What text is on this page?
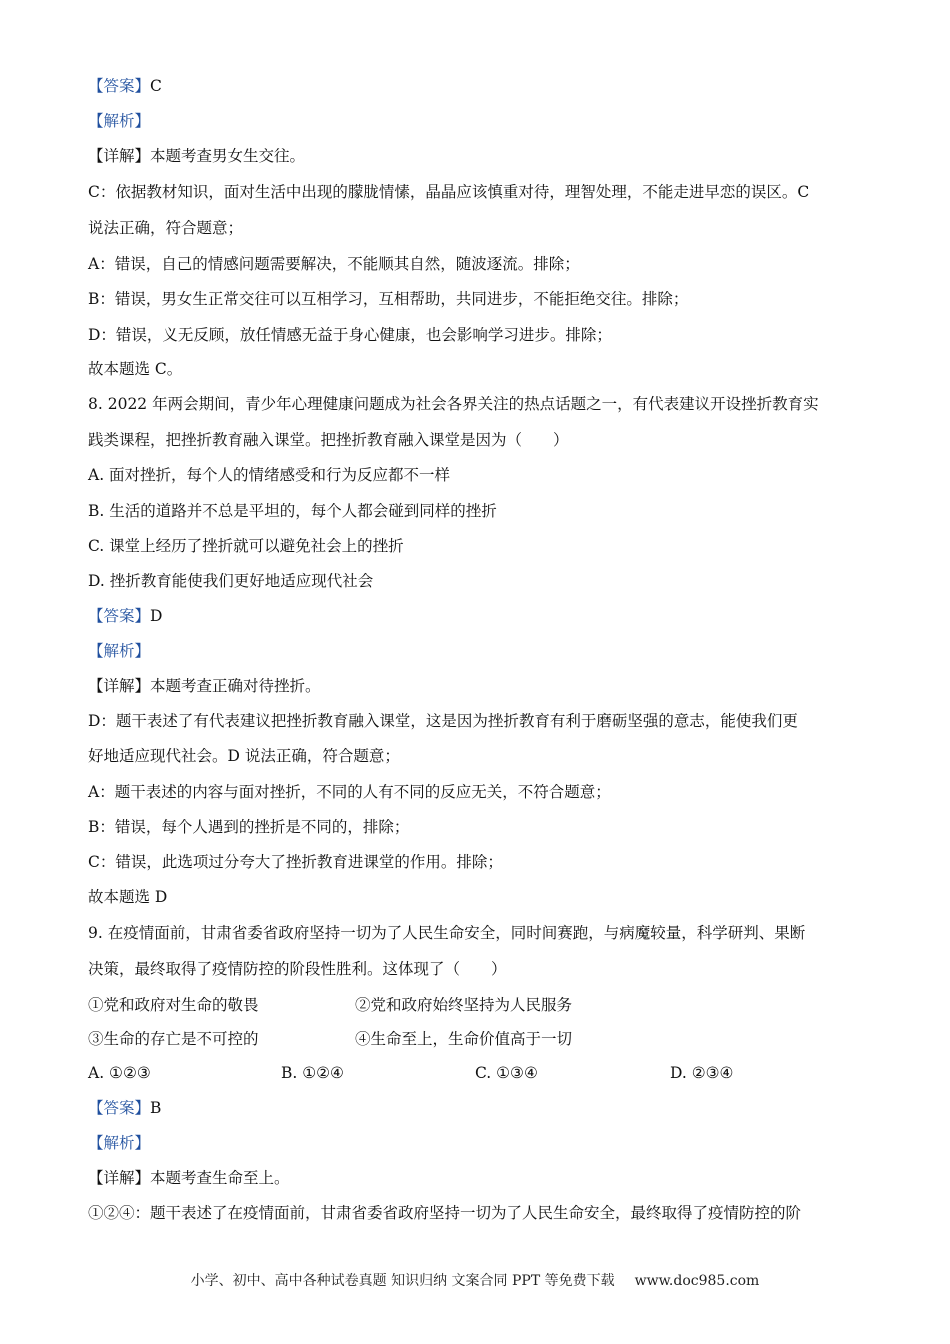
【答案】C
【解析】
【详解】本题考查男女生交往。
C：依据教材知识，面对生活中出现的朦胧情愫，晶晶应该慎重对待，理智处理，不能走进早恋的误区。C
说法正确，符合题意；
A：错误，自己的情感问题需要解决，不能顺其自然，随波逐流。排除；
B：错误，男女生正常交往可以互相学习，互相帮助，共同进步，不能拒绝交往。排除；
D：错误，义无反顾，放任情感无益于身心健康，也会影响学习进步。排除；
故本题选 C。
8. 2022 年两会期间，青少年心理健康问题成为社会各界关注的热点话题之一，有代表建议开设挫折教育实
践类课程，把挫折教育融入课堂。把挫折教育融入课堂是因为（　　）
A. 面对挫折，每个人的情绪感受和行为反应都不一样
B. 生活的道路并不总是平坦的，每个人都会碰到同样的挫折
C. 课堂上经历了挫折就可以避免社会上的挫折
D. 挫折教育能使我们更好地适应现代社会
【答案】D
【解析】
【详解】本题考查正确对待挫折。
D：题干表述了有代表建议把挫折教育融入课堂，这是因为挫折教育有利于磨砺坚强的意志，能使我们更
好地适应现代社会。D 说法正确，符合题意；
A：题干表述的内容与面对挫折，不同的人有不同的反应无关，不符合题意；
B：错误，每个人遇到的挫折是不同的，排除；
C：错误，此选项过分夸大了挫折教育进课堂的作用。排除；
故本题选 D
9. 在疫情面前，甘肃省委省政府坚持一切为了人民生命安全，同时间赛跑，与病魔较量，科学研判、果断
决策，最终取得了疫情防控的阶段性胜利。这体现了（　　）
①党和政府对生命的敬畏	②党和政府始终坚持为人民服务
③生命的存亡是不可控的	④生命至上，生命价值高于一切
A. ①②③	B. ①②④	C. ①③④	D. ②③④
【答案】B
【解析】
【详解】本题考查生命至上。
①②④：题干表述了在疫情面前，甘肃省委省政府坚持一切为了人民生命安全，最终取得了疫情防控的阶
小学、初中、高中各种试卷真题 知识归纳 文案合同 PPT 等免费下载 www.doc985.com
